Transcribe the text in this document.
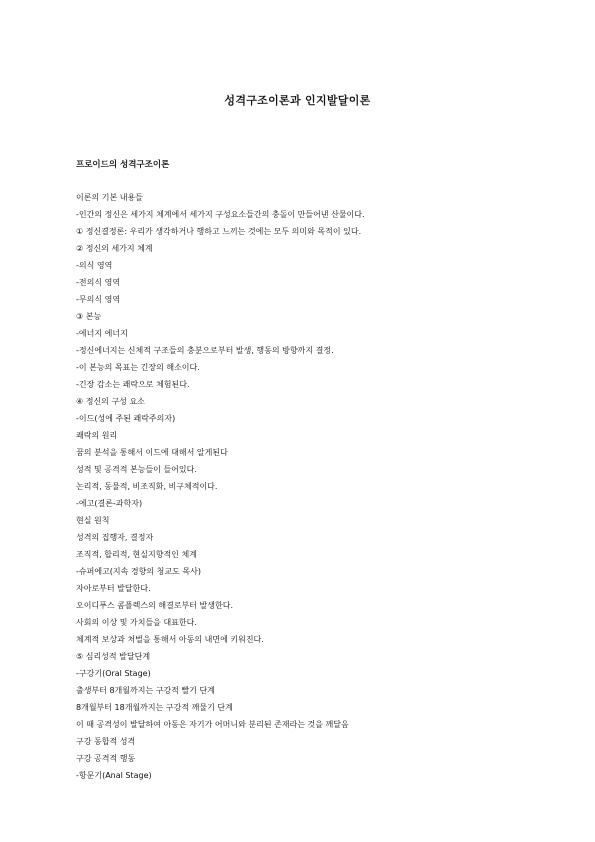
성격구조이론과 인지발달이론
프로이드의 성격구조이론
이론의 기본 내용들
-인간의 정신은 세가지 체계에서 세가지 구성요소들간의 충돌이 만들어낸 산물이다.
① 정신결정론: 우리가 생각하거나 행하고 느끼는 것에는 모두 의미와 목적이 있다.
② 정신의 세가지 체계
-의식 영역
-전의식 영역
-무의식 영역
③ 본능
-에너지 에너지
-정신에너지는 신체적 구조들의 충분으로부터 발생, 행동의 방향까지 결정.
-이 본능의 목표는 긴장의 해소이다.
-긴장 감소는 쾌락으로 체험된다.
④ 정신의 구성 요소
-이드(성에 주된 쾌락주의자)
쾌락의 원리
꿈의 분석을 통해서 이드에 대해서 알게된다
성적 및 공격적 본능들이 들어있다.
논리적, 동물적, 비조직화, 비구체적이다.
-에고(결론-과학자)
현실 원칙
성격의 집행자, 결정자
조직적, 합리적, 현실지향적인 체계
-슈퍼에고(지속 경향의 청교도 목사)
자아로부터 발달한다.
오이디푸스 콤플렉스의 해결로부터 발생한다.
사회의 이상 및 가치들을 대표한다.
체계적 보상과 처벌을 통해서 아동의 내면에 키워진다.
⑤ 심리성적 발달단계
-구강기(Oral Stage)
출생부터 8개월까지는 구강적 빨기 단계
8개월부터 18개월까지는 구강적 깨물기 단계
이 때 공격성이 발달하여 아동은 자기가 어머니와 분리된 존재라는 것을 깨달음
구강 동합적 성격
구강 공격적 행동
-항문기(Anal Stage)
